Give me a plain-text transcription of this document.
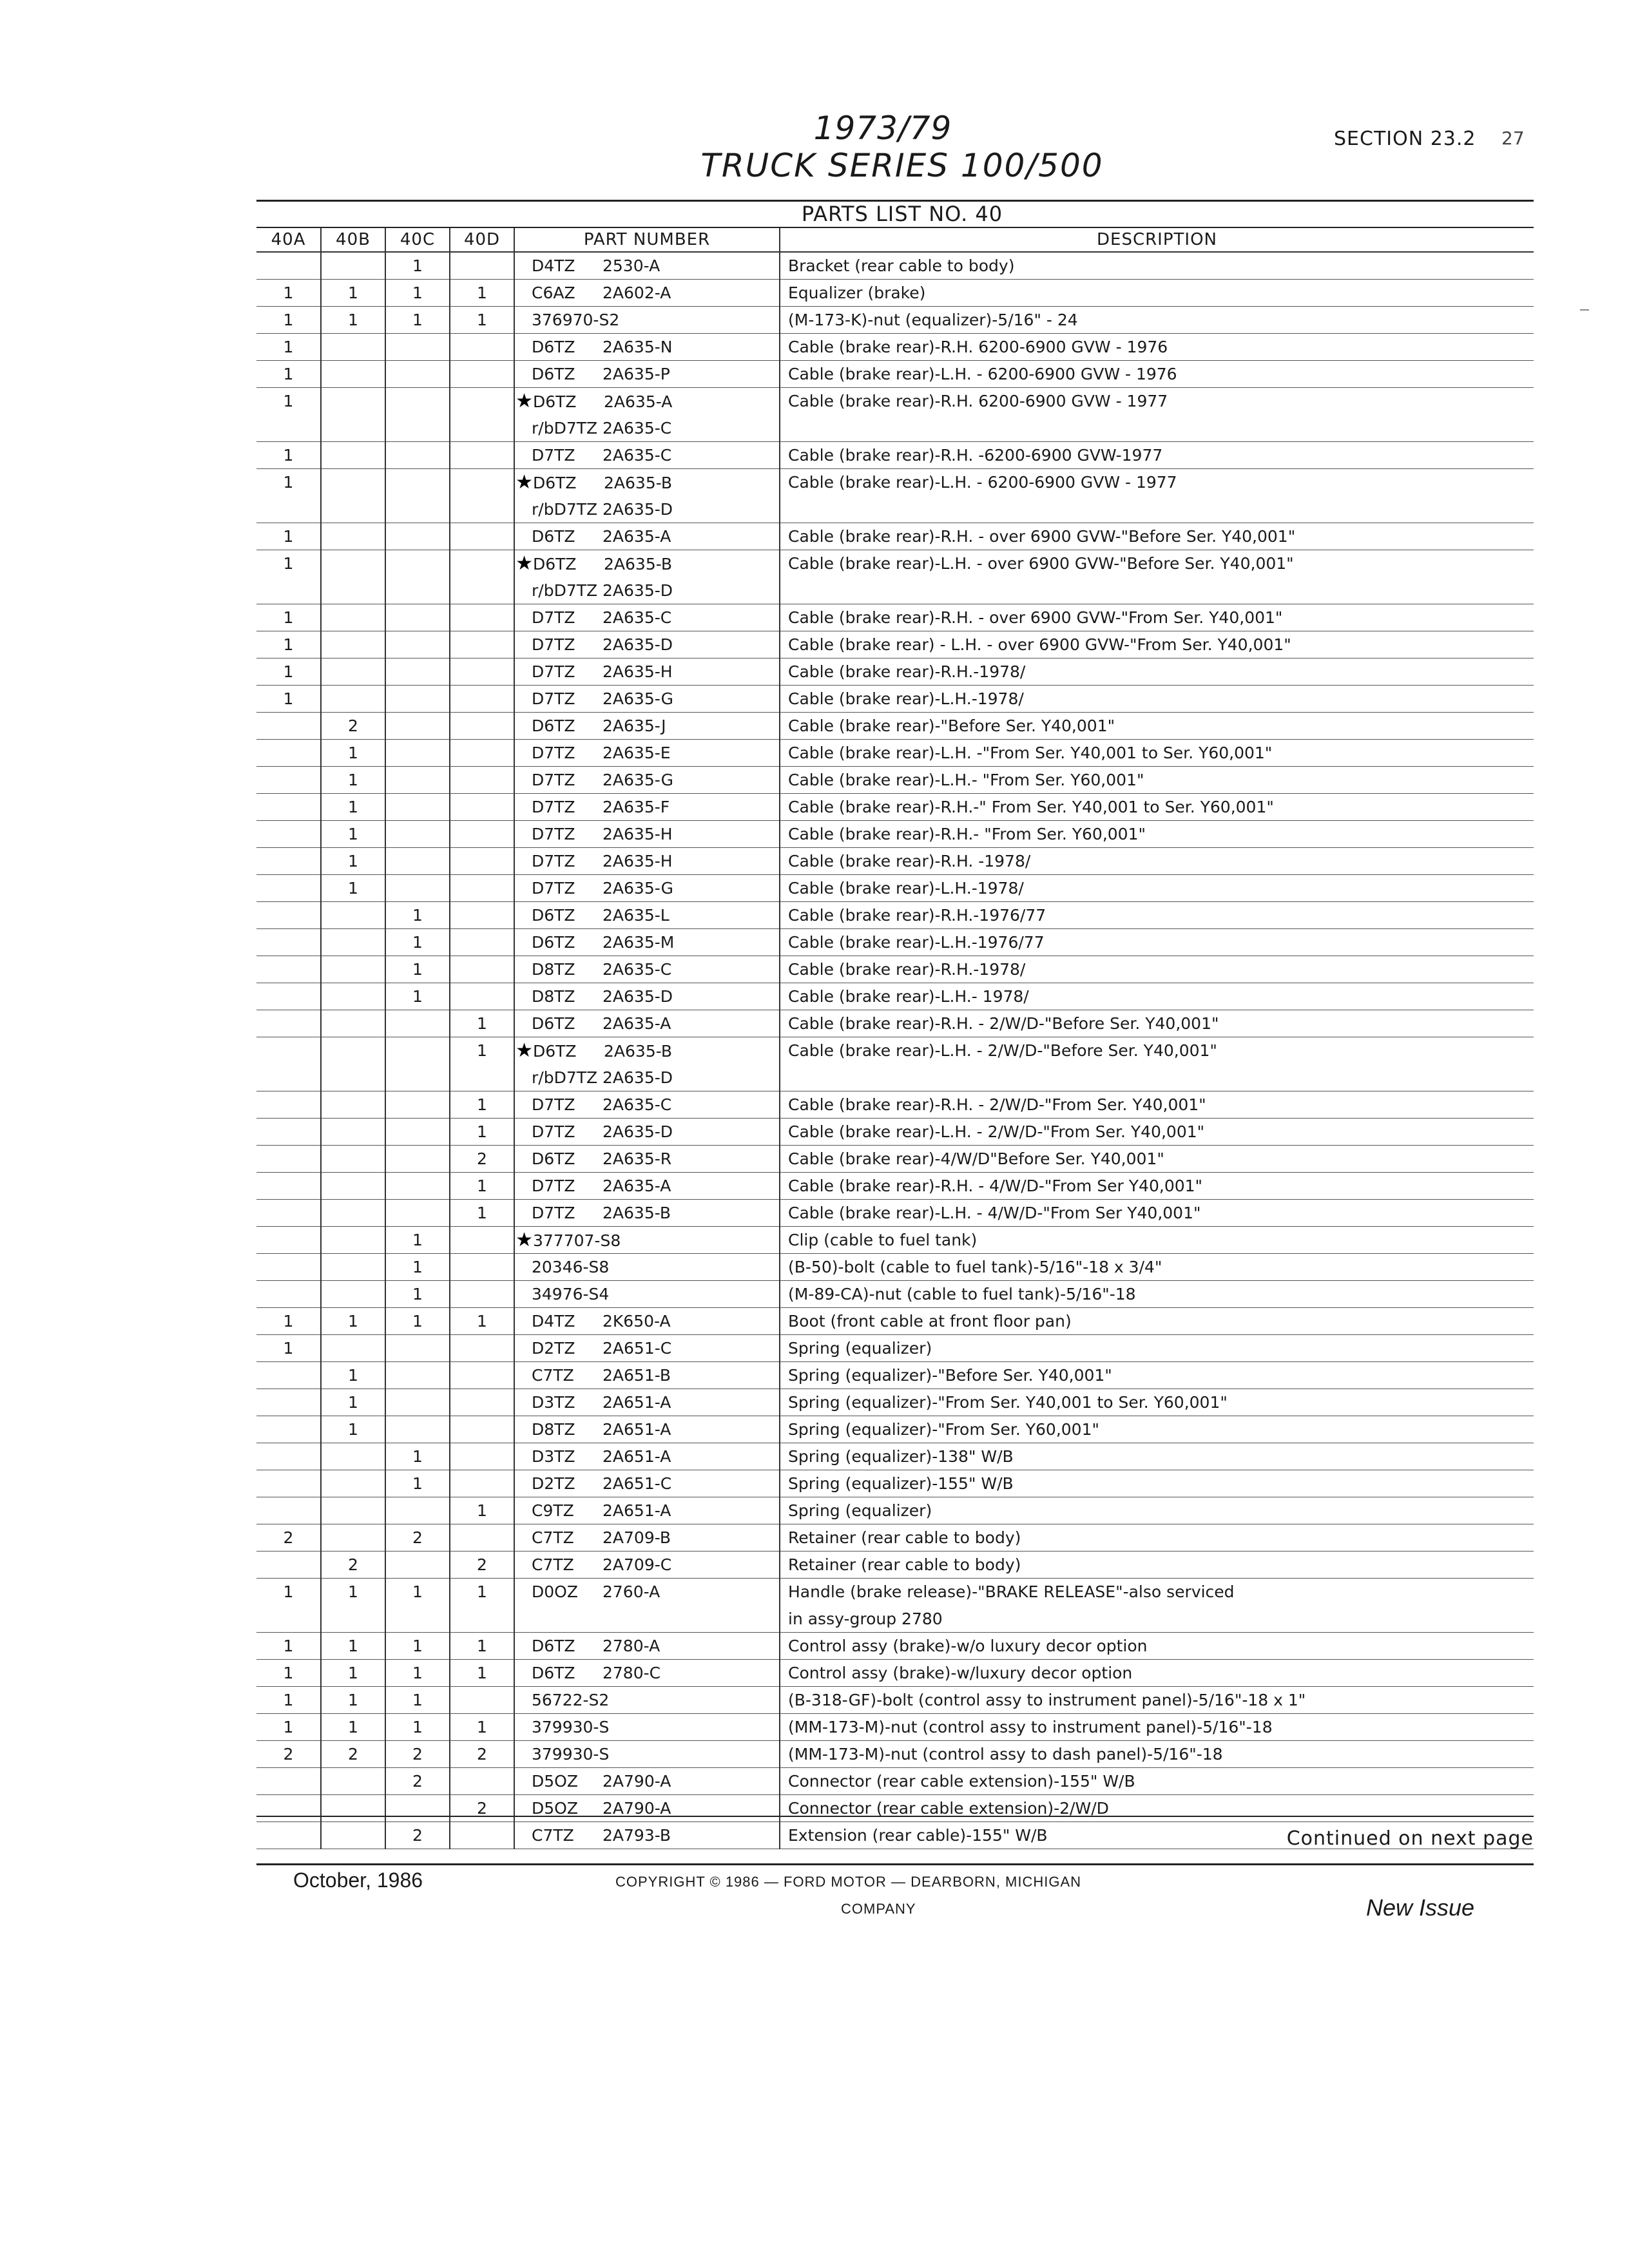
1973/79
TRUCK SERIES 100/500
SECTION 23.2 27
PARTS LIST NO. 40
40A	40B	40C	40D	PART NUMBER	DESCRIPTION
		1		D4TZ 2530-A	Bracket (rear cable to body)
1	1	1	1	C6AZ 2A602-A	Equalizer (brake)
1	1	1	1	376970-S2	(M-173-K)-nut (equalizer)-5/16" - 24
1				D6TZ 2A635-N	Cable (brake rear)-R.H. 6200-6900 GVW - 1976
1				D6TZ 2A635-P	Cable (brake rear)-L.H. - 6200-6900 GVW - 1976
1				★D6TZ 2A635-A	Cable (brake rear)-R.H. 6200-6900 GVW - 1977
				r/bD7TZ 2A635-C	
1				D7TZ 2A635-C	Cable (brake rear)-R.H. -6200-6900 GVW-1977
1				★D6TZ 2A635-B	Cable (brake rear)-L.H. - 6200-6900 GVW - 1977
				r/bD7TZ 2A635-D	
1				D6TZ 2A635-A	Cable (brake rear)-R.H. - over 6900 GVW-"Before Ser. Y40,001"
1				★D6TZ 2A635-B	Cable (brake rear)-L.H. - over 6900 GVW-"Before Ser. Y40,001"
				r/bD7TZ 2A635-D	
1				D7TZ 2A635-C	Cable (brake rear)-R.H. - over 6900 GVW-"From Ser. Y40,001"
1				D7TZ 2A635-D	Cable (brake rear) - L.H. - over 6900 GVW-"From Ser. Y40,001"
1				D7TZ 2A635-H	Cable (brake rear)-R.H.-1978/
1				D7TZ 2A635-G	Cable (brake rear)-L.H.-1978/
	2			D6TZ 2A635-J	Cable (brake rear)-"Before Ser. Y40,001"
	1			D7TZ 2A635-E	Cable (brake rear)-L.H. -"From Ser. Y40,001 to Ser. Y60,001"
	1			D7TZ 2A635-G	Cable (brake rear)-L.H.- "From Ser. Y60,001"
	1			D7TZ 2A635-F	Cable (brake rear)-R.H.-" From Ser. Y40,001 to Ser. Y60,001"
	1			D7TZ 2A635-H	Cable (brake rear)-R.H.- "From Ser. Y60,001"
	1			D7TZ 2A635-H	Cable (brake rear)-R.H. -1978/
	1			D7TZ 2A635-G	Cable (brake rear)-L.H.-1978/
		1		D6TZ 2A635-L	Cable (brake rear)-R.H.-1976/77
		1		D6TZ 2A635-M	Cable (brake rear)-L.H.-1976/77
		1		D8TZ 2A635-C	Cable (brake rear)-R.H.-1978/
		1		D8TZ 2A635-D	Cable (brake rear)-L.H.- 1978/
			1	D6TZ 2A635-A	Cable (brake rear)-R.H. - 2/W/D-"Before Ser. Y40,001"
			1	★D6TZ 2A635-B	Cable (brake rear)-L.H. - 2/W/D-"Before Ser. Y40,001"
				r/bD7TZ 2A635-D	
			1	D7TZ 2A635-C	Cable (brake rear)-R.H. - 2/W/D-"From Ser. Y40,001"
			1	D7TZ 2A635-D	Cable (brake rear)-L.H. - 2/W/D-"From Ser. Y40,001"
			2	D6TZ 2A635-R	Cable (brake rear)-4/W/D"Before Ser. Y40,001"
			1	D7TZ 2A635-A	Cable (brake rear)-R.H. - 4/W/D-"From Ser Y40,001"
			1	D7TZ 2A635-B	Cable (brake rear)-L.H. - 4/W/D-"From Ser Y40,001"
		1		★377707-S8	Clip (cable to fuel tank)
		1		20346-S8	(B-50)-bolt (cable to fuel tank)-5/16"-18 x 3/4"
		1		34976-S4	(M-89-CA)-nut (cable to fuel tank)-5/16"-18
1	1	1	1	D4TZ 2K650-A	Boot (front cable at front floor pan)
1				D2TZ 2A651-C	Spring (equalizer)
	1			C7TZ 2A651-B	Spring (equalizer)-"Before Ser. Y40,001"
	1			D3TZ 2A651-A	Spring (equalizer)-"From Ser. Y40,001 to Ser. Y60,001"
	1			D8TZ 2A651-A	Spring (equalizer)-"From Ser. Y60,001"
		1		D3TZ 2A651-A	Spring (equalizer)-138" W/B
		1		D2TZ 2A651-C	Spring (equalizer)-155" W/B
			1	C9TZ 2A651-A	Spring (equalizer)
2		2		C7TZ 2A709-B	Retainer (rear cable to body)
	2		2	C7TZ 2A709-C	Retainer (rear cable to body)
1	1	1	1	D0OZ 2760-A	Handle (brake release)-"BRAKE RELEASE"-also serviced
					in assy-group 2780
1	1	1	1	D6TZ 2780-A	Control assy (brake)-w/o luxury decor option
1	1	1	1	D6TZ 2780-C	Control assy (brake)-w/luxury decor option
1	1	1		56722-S2	(B-318-GF)-bolt (control assy to instrument panel)-5/16"-18 x 1"
1	1	1	1	379930-S	(MM-173-M)-nut (control assy to instrument panel)-5/16"-18
2	2	2	2	379930-S	(MM-173-M)-nut (control assy to dash panel)-5/16"-18
		2		D5OZ 2A790-A	Connector (rear cable extension)-155" W/B
			2	D5OZ 2A790-A	Connector (rear cable extension)-2/W/D
		2		C7TZ 2A793-B	Extension (rear cable)-155" W/B	Continued on next page
October, 1986	COPYRIGHT © 1986 — FORD MOTOR — DEARBORN, MICHIGAN
COMPANY	New Issue
